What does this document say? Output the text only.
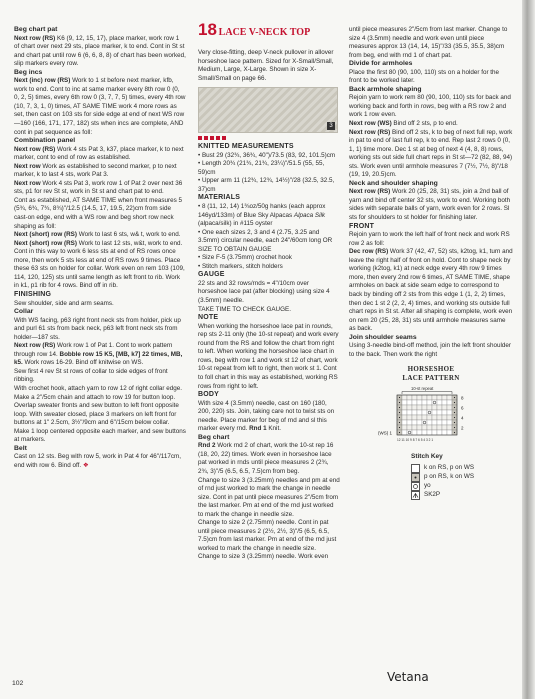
Beg chart pat

Next row (RS) K6 (9, 12, 15, 17), place marker, work row 1 of chart over next 29 sts, place marker, k to end. Cont in St st and chart pat until row 6 (6, 6, 8, 8) of chart has been worked, slip markers every row.

Beg incs

Next (inc) row (RS) Work to 1 st before next marker, kfb, work to end. Cont to inc at same marker every 8th row 0 (0, 0, 2, 5) times, every 6th row 0 (3, 7, 7, 5) times, every 4th row (10, 7, 3, 1, 0) times, AT SAME TIME work 4 more rows as set, then cast on 103 sts for side edge at end of next WS row—160 (166, 171, 177, 182) sts when incs are complete, AND cont in pat sequence as foll:

Combination panel

Next row (RS) Work 4 sts Pat 3, k37, place marker, k to next marker, cont to end of row as established.

Next row Work as established to second marker, p to next marker, k to last 4 sts, work Pat 3.

Next row Work 4 sts Pat 3, work row 1 of Pat 2 over next 36 sts, p1 for rev St st, work in St st and chart pat to end.

Cont as established, AT SAME TIME when front measures 5 (5¾, 6¾, 7¾, 8¾)"/12.5 (14.5, 17, 19.5, 22)cm from side cast-on edge, end with a WS row and beg short row neck shaping as foll:

Next (short) row (RS) Work to last 6 sts, w& t, work to end.

Next (short) row (RS) Work to last 12 sts, w&t, work to end. Cont in this way to work 6 less sts at end of RS rows once more, then work 5 sts less at end of RS rows 9 times. Place these 63 sts on holder for collar. Work even on rem 103 (109, 114, 120, 125) sts until same length as left front to rib. Work in k1, p1 rib for 4 rows. Bind off in rib.

FINISHING

Sew shoulder, side and arm seams.

Collar

With WS facing, p63 right front neck sts from holder, pick up and purl 61 sts from back neck, p63 left front neck sts from holder—187 sts.

Next row (RS) Work row 1 of Pat 1. Cont to work pattern through row 14. Bobble row 15 K5, [MB, k7] 22 times, MB, k5. Work rows 16-29. Bind off knitwise on WS.

Sew first 4 rev St st rows of collar to side edges of front ribbing.

With crochet hook, attach yarn to row 12 of right collar edge. Make a 2"/5cm chain and attach to row 19 for button loop. Overlap sweater fronts and sew button to left front opposite loop. With sweater closed, place 3 markers on left front for buttons at 1" 2.5cm, 3½"/9cm and 6"/15cm below collar. Make 1 loop centered opposite each marker, and sew buttons at markers.

Belt

Cast on 12 sts. Beg with row 5, work in Pat 4 for 46"/117cm, end with row 6. Bind off. ❖

18 LACE V-NECK TOP

Very close-fitting, deep V-neck pullover in allover horseshoe lace pattern. Sized for X-Small/Small, Medium, Large, X-Large. Shown in size X-Small/Small on page 66.

3

KNITTED MEASUREMENTS

• Bust 29 (32¾, 36¾, 40")/73.5 (83, 92, 101.5)cm

• Length 20¾ (21¾, 21¾, 23¼)"/51.5 (55, 55, 59)cm

• Upper arm 11 (12¾, 12¾, 14½)"/28 (32.5, 32.5, 37)cm

MATERIALS

• 8 (11, 12, 14) 1¾oz/50g hanks (each approx 146yd/133m) of Blue Sky Alpacas Alpaca Silk (alpaca/silk) in #115 oyster

• One each sizes 2, 3 and 4 (2.75, 3.25 and 3.5mm) circular needle, each 24"/60cm long OR SIZE TO OBTAIN GAUGE

• Size F-5 (3.75mm) crochet hook

• Stitch markers, stitch holders

GAUGE

22 sts and 32 rows/rnds = 4"/10cm over horseshoe lace pat (after blocking) using size 4 (3.5mm) needle.

TAKE TIME TO CHECK GAUGE.

NOTE

When working the horseshoe lace pat in rounds, rep sts 2-11 only (the 10-st repeat) and work every round from the RS and follow the chart from right to left. When working the horseshoe lace chart in rows, beg with row 1 and work st 12 of chart, work 10-st repeat from left to right, then work st 1. Cont to foll chart in this way as established, working RS rows from right to left.

BODY

With size 4 (3.5mm) needle, cast on 160 (180, 200, 220) sts. Join, taking care not to twist sts on needle. Place marker for beg of rnd and sl this marker every rnd. Rnd 1 Knit.

Beg chart

Rnd 2 Work rnd 2 of chart, work the 10-st rep 16 (18, 20, 22) times. Work even in horseshoe lace pat worked in rnds until piece measures 2 (2¾, 2¾, 3)"/5 (6.5, 6.5, 7.5)cm from beg.

Change to size 3 (3.25mm) needles and pm at end of rnd just worked to mark the change in needle size. Cont in pat until piece measures 2"/5cm from the last marker. Pm at end of the rnd just worked to mark the change in needle size.

Change to size 2 (2.75mm) needle. Cont in pat until piece measures 2 (2½, 2½, 3)"/5 (6.5, 6.5, 7.5)cm from last marker. Pm at end of the rnd just worked to mark the change in needle size.

Change to size 3 (3.25mm) needle. Work even

until piece measures 2"/5cm from last marker. Change to size 4 (3.5mm) needle and work even until piece measures approx 13 (14, 14, 15)"/33 (35.5, 35.5, 38)cm from beg, end with rnd 1 of chart pat.

Divide for armholes

Place the first 80 (90, 100, 110) sts on a holder for the front to be worked later.

Back armhole shaping

Rejoin yarn to work rem 80 (90, 100, 110) sts for back and working back and forth in rows, beg with a RS row 2 and work 1 row even.

Next row (WS) Bind off 2 sts, p to end.

Next row (RS) Bind off 2 sts, k to beg of next full rep, work in pat to end of last full rep, k to end. Rep last 2 rows 0 (0, 1, 1) time more. Dec 1 st at beg of next 4 (4, 8, 8) rows, working sts out side full chart reps in St st—72 (82, 88, 94) sts. Work even until armhole measures 7 (7½, 7½, 8)"/18 (19, 19, 20.5)cm.

Neck and shoulder shaping

Next row (RS) Work 20 (25, 28, 31) sts, join a 2nd ball of yarn and bind off center 32 sts, work to end. Working both sides with separate balls of yarn, work even for 2 rows. Sl sts for shoulders to st holder for finishing later.

FRONT

Rejoin yarn to work the left half of front neck and work RS row 2 as foll:

Dec row (RS) Work 37 (42, 47, 52) sts, k2tog, k1, turn and leave the right half of front on hold. Cont to shape neck by working (k2tog, k1) at neck edge every 4th row 9 times more, then every 2nd row 6 times, AT SAME TIME, shape armholes on back at side seam edge to correspond to back by binding off 2 sts from this edge 1 (1, 2, 2) times, then dec 1 st 2 (2, 2, 4) times, and working sts outside full chart reps in St st. After all shaping is complete, work even on rem 20 (25, 28, 31) sts until armhole measures same as back.

Join shoulder seams

Using 3-needle bind-off method, join the left front shoulder to the back. Then work the right

HORSESHOE
LACE PATTERN
10-st repeat
8
6
4
2
(WS) 1
12 11 10 9 8 7 6 5 4 3 2 1
Stitch Key
k on RS, p on WS
p on RS, k on WS
yo
SK2P
102	Vetana
